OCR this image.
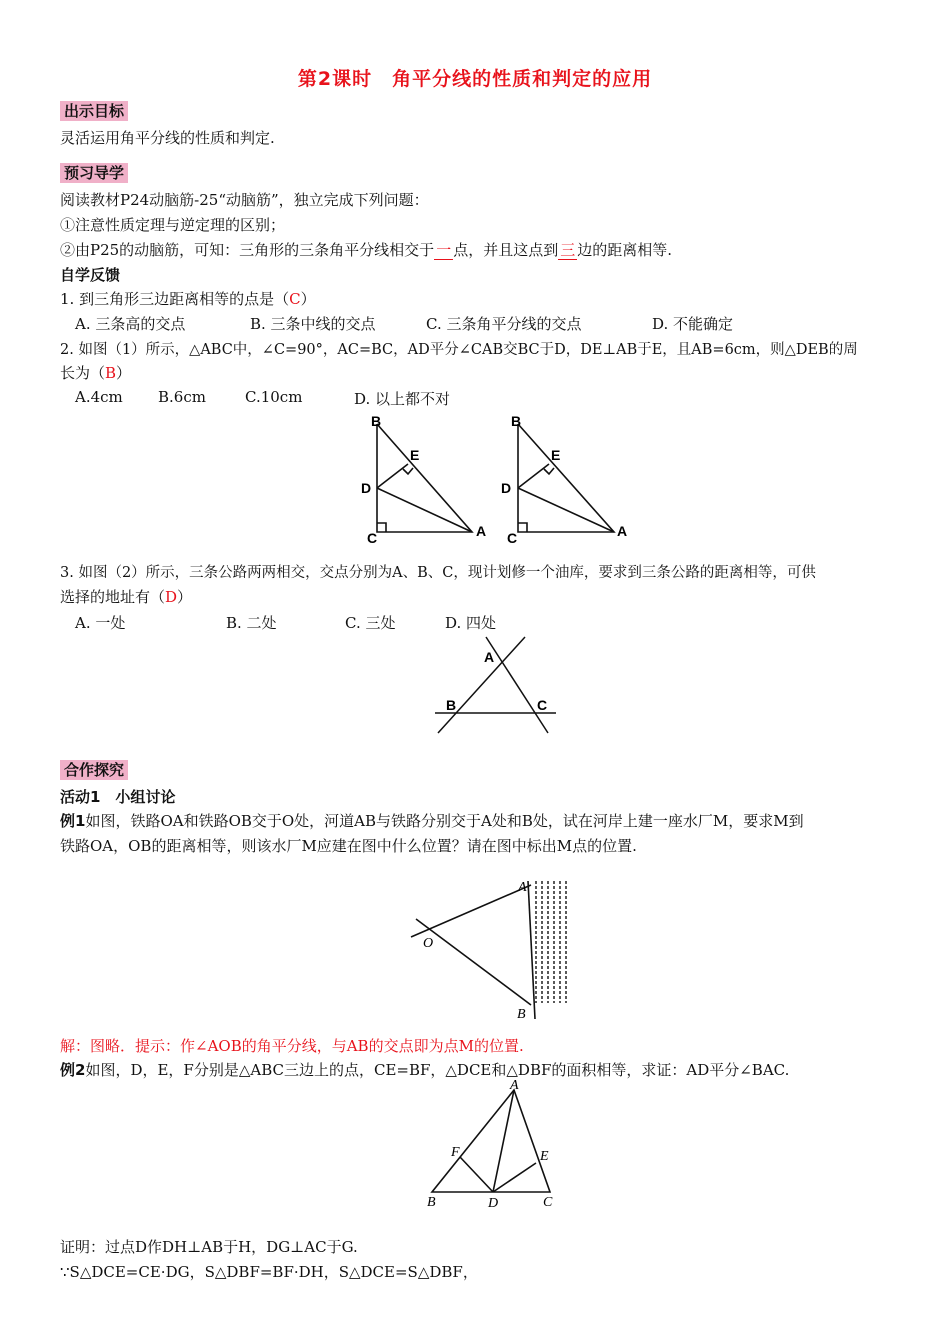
第2课时　角平分线的性质和判定的应用
出示目标
灵活运用角平分线的性质和判定.
预习导学
阅读教材P24动脑筋-25“动脑筋”，独立完成下列问题：
①注意性质定理与逆定理的区别；
②由P25的动脑筋，可知：三角形的三条角平分线相交于 一 点，并且这点到 三 边的距离相等.
自学反馈
1. 到三角形三边距离相等的点是（C）
A. 三条高的交点	B. 三条中线的交点	C. 三条角平分线的交点	D. 不能确定
2. 如图（1）所示，△ABC中，∠C=90°，AC=BC，AD平分∠CAB交BC于D，DE⊥AB于E，且AB=6cm，则△DEB的周
长为（B）
A.4cm B.6cm	C.10cm	D. 以上都不对
B
E
D
C	A
B
E
D
C	A
3. 如图（2）所示，三条公路两两相交，交点分别为A、B、C，现计划修一个油库，要求到三条公路的距离相等，可供
选择的地址有（D）
A. 一处	B. 二处	C. 三处	D. 四处
A
B	C
合作探究
活动1　小组讨论
例1如图，铁路OA和铁路OB交于O处，河道AB与铁路分别交于A处和B处，试在河岸上建一座水厂M，要求M到
铁路OA，OB的距离相等，则该水厂M应建在图中什么位置？请在图中标出M点的位置.
A
O
B
解：图略．提示：作∠AOB的角平分线，与AB的交点即为点M的位置.
例2如图，D，E，F分别是△ABC三边上的点，CE=BF，△DCE和△DBF的面积相等，求证：AD平分∠BAC.
A
F	E
B	D	C
证明：过点D作DH⊥AB于H，DG⊥AC于G.
∵S△DCE=CE·DG，S△DBF=BF·DH，S△DCE=S△DBF，
